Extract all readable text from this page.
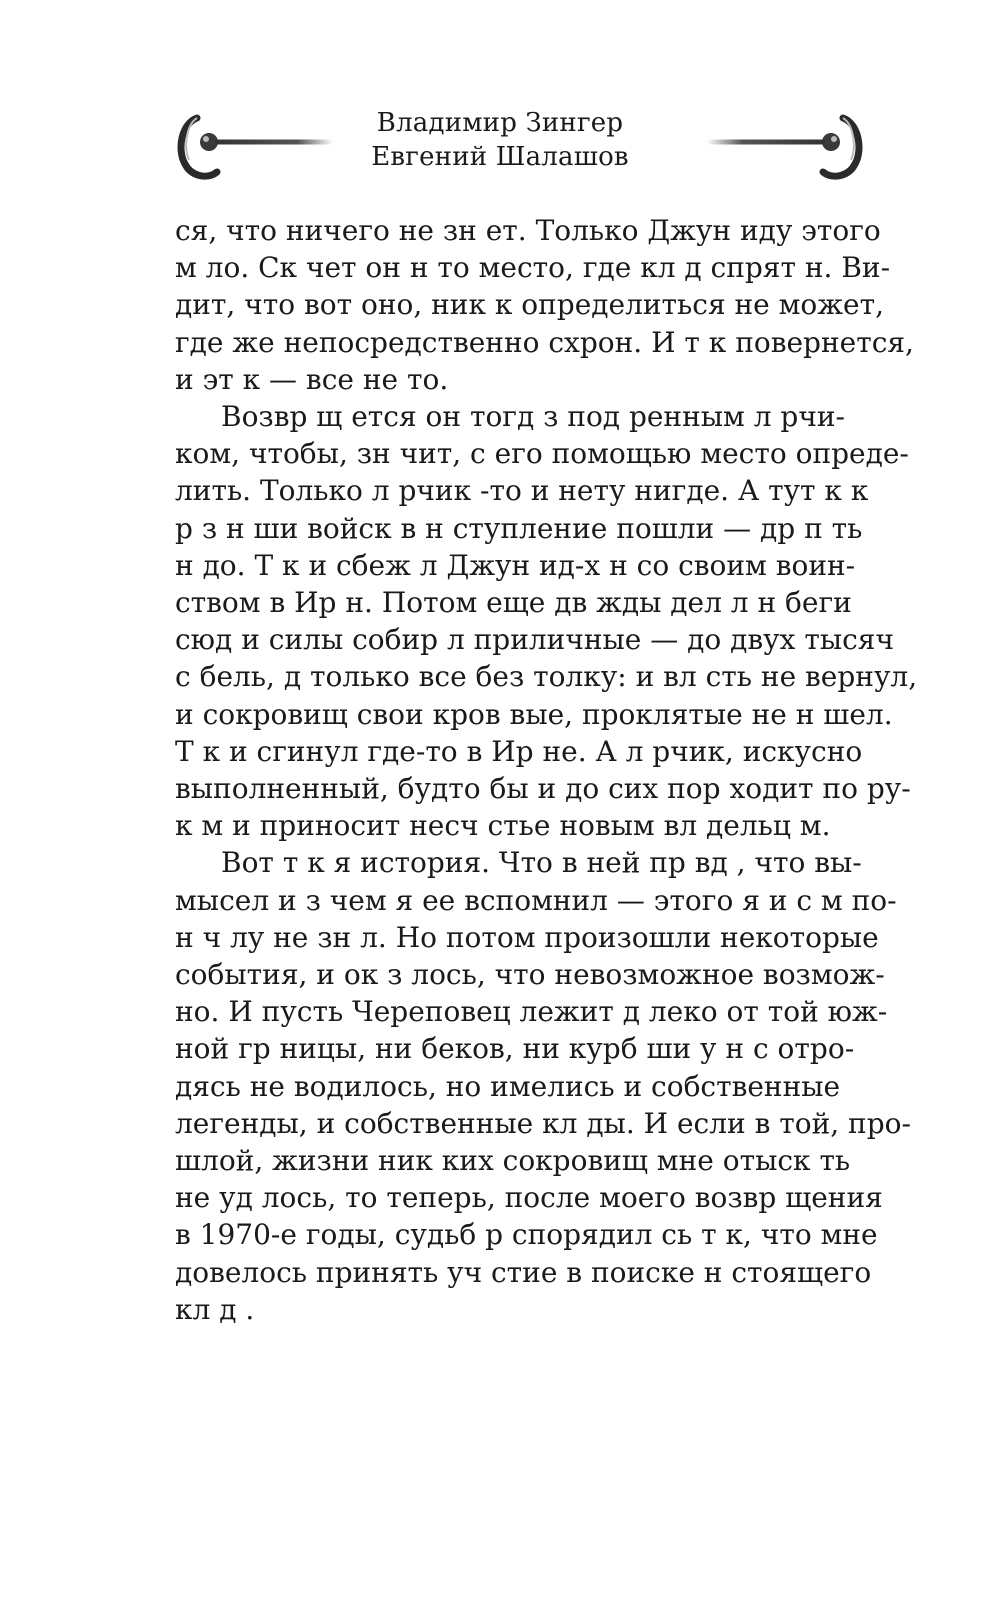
Владимир Зингер
Евгений Шалашов
ся, что ничего не зн ет. Только Джун иду этого
м ло. Ск чет он н то место, где кл д спрят н. Ви-
дит, что вот оно, ник к определиться не может,
где же непосредственно схрон. И т к повернется,
и эт к — все не то.
Возвр щ ется он тогд з под ренным л рчи-
ком, чтобы, зн чит, с его помощью место опреде-
лить. Только л рчик -то и нету нигде. А тут к к
р з н ши войск в н ступление пошли — др п ть
н до. Т к и сбеж л Джун ид-х н со своим воин-
ством в Ир н. Потом еще дв жды дел л н беги
сюд и силы собир л приличные — до двух тысяч
с бель, д только все без толку: и вл сть не вернул,
и сокровищ свои кров вые, проклятые не н шел.
Т к и сгинул где-то в Ир не. А л рчик, искусно
выполненный, будто бы и до сих пор ходит по ру-
к м и приносит несч стье новым вл дельц м.
Вот т к я история. Что в ней пр вд , что вы-
мысел и з чем я ее вспомнил — этого я и с м по-
н ч лу не зн л. Но потом произошли некоторые
события, и ок з лось, что невозможное возмож-
но. И пусть Череповец лежит д леко от той юж-
ной гр ницы, ни беков, ни курб ши у н с отро-
дясь не водилось, но имелись и собственные
легенды, и собственные кл ды. И если в той, про-
шлой, жизни ник ких сокровищ мне отыск ть
не уд лось, то теперь, после моего возвр щения
в 1970-е годы, судьб р спорядил сь т к, что мне
довелось принять уч стие в поиске н стоящего
кл д .
